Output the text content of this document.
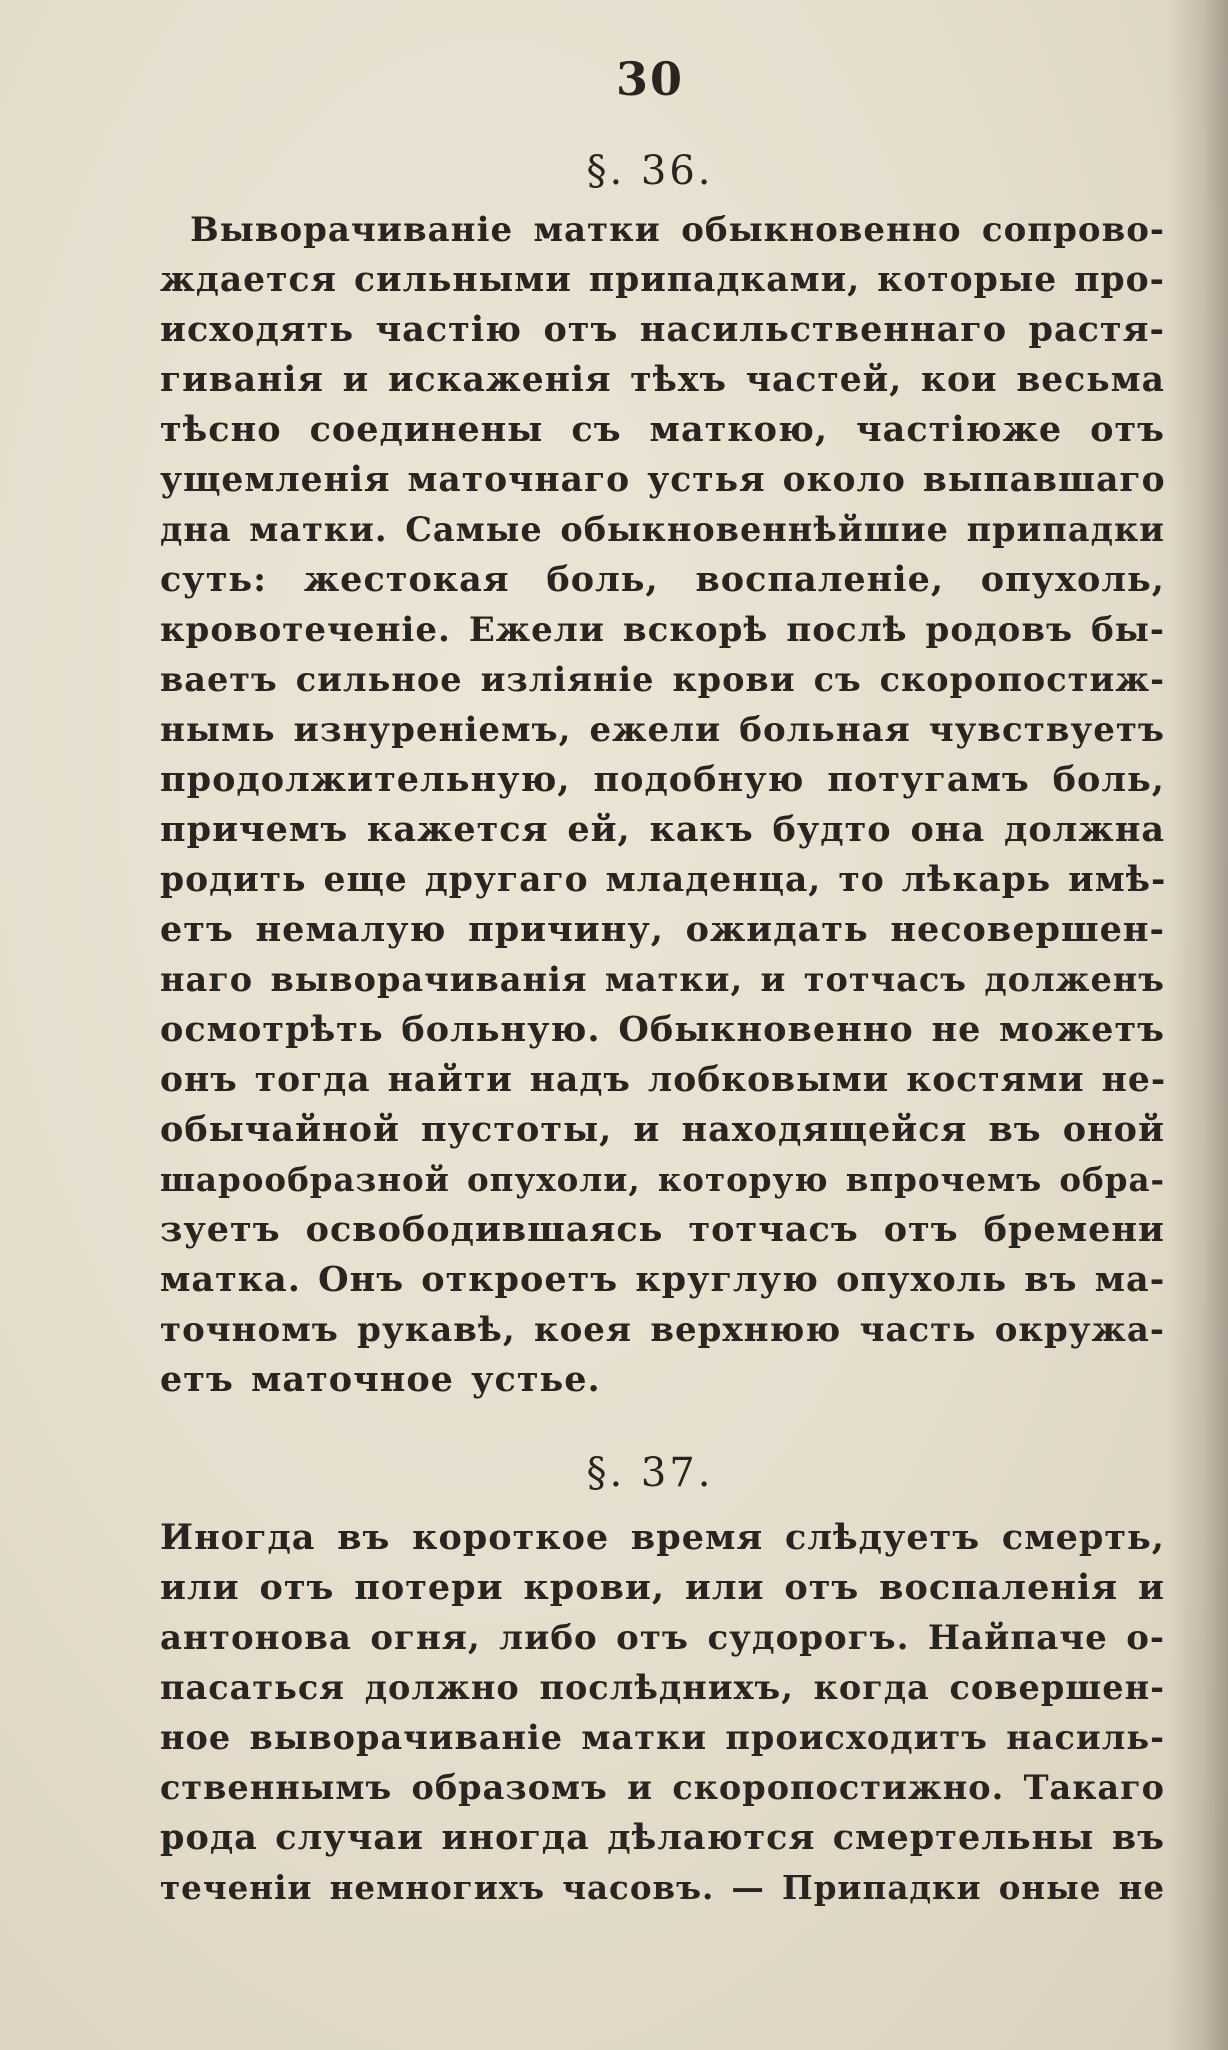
30
§. 36.
Выворачиванiе матки обыкновенно сопрово-
ждается сильными припадками, которые про-
исходять частiю отъ насильственнаго растя-
гиванiя и искаженiя тѣхъ частей, кои весьма
тѣсно соединены съ маткою, частiюже отъ
ущемленiя маточнаго устья около выпавшаго
дна матки. Самые обыкновеннѣйшие припадки
суть: жестокая боль, воспаленiе, опухоль,
кровотеченiе. Ежели вскорѣ послѣ родовъ бы-
ваетъ сильное излiянiе крови съ скоропостиж-
нымь изнуренiемъ, ежели больная чувствуетъ
продолжительную, подобную потугамъ боль,
причемъ кажется ей, какъ будто она должна
родить еще другаго младенца, то лѣкарь имѣ-
етъ немалую причину, ожидать несовершен-
наго выворачиванiя матки, и тотчасъ долженъ
осмотрѣть больную. Обыкновенно не можетъ
онъ тогда найти надъ лобковыми костями не-
обычайной пустоты, и находящейся въ оной
шарообразной опухоли, которую впрочемъ обра-
зуетъ освободившаясь тотчасъ отъ бремени
матка. Онъ откроетъ круглую опухоль въ ма-
точномъ рукавѣ, коея верхнюю часть окружа-
етъ маточное устье.
§. 37.
Иногда въ короткое время слѣдуетъ смерть,
или отъ потери крови, или отъ воспаленiя и
антонова огня, либо отъ судорогъ. Найпаче о-
пасаться должно послѣднихъ, когда совершен-
ное выворачиванiе матки происходитъ насиль-
ственнымъ образомъ и скоропостижно. Такаго
рода случаи иногда дѣлаются смертельны въ
теченiи немногихъ часовъ. — Припадки оные не
